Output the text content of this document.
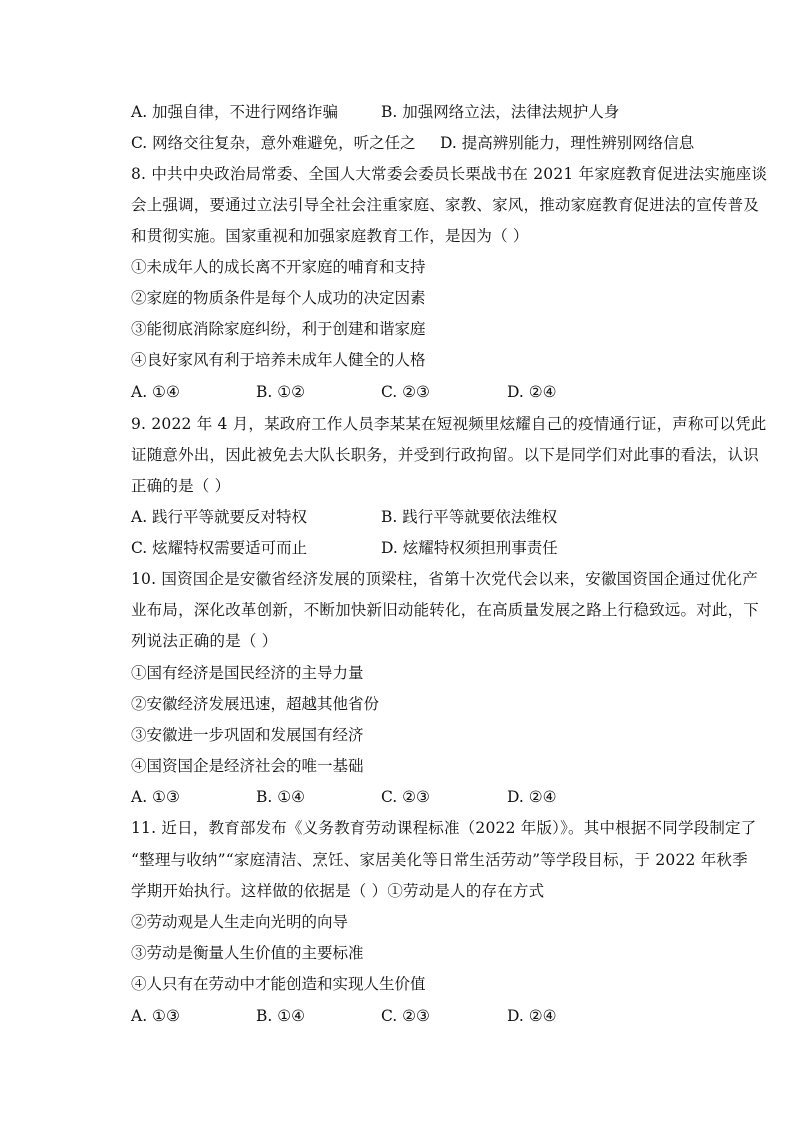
A. 加强自律，不进行网络诈骗	B. 加强网络立法，法律法规护人身
C. 网络交往复杂，意外难避免，听之任之 D. 提高辨别能力，理性辨别网络信息
8. 中共中央政治局常委、全国人大常委会委员长栗战书在 2021 年家庭教育促进法实施座谈
会上强调，要通过立法引导全社会注重家庭、家教、家风，推动家庭教育促进法的宣传普及
和贯彻实施。国家重视和加强家庭教育工作，是因为（ ）
①未成年人的成长离不开家庭的哺育和支持
②家庭的物质条件是每个人成功的决定因素
③能彻底消除家庭纠纷，利于创建和谐家庭
④良好家风有利于培养未成年人健全的人格
A. ①④	B. ①②	C. ②③	D. ②④
9. 2022 年 4 月，某政府工作人员李某某在短视频里炫耀自己的疫情通行证，声称可以凭此
证随意外出，因此被免去大队长职务，并受到行政拘留。以下是同学们对此事的看法，认识
正确的是（ ）
A. 践行平等就要反对特权	B. 践行平等就要依法维权
C. 炫耀特权需要适可而止	D. 炫耀特权须担刑事责任
10. 国资国企是安徽省经济发展的顶梁柱，省第十次党代会以来，安徽国资国企通过优化产
业布局，深化改革创新，不断加快新旧动能转化，在高质量发展之路上行稳致远。对此，下
列说法正确的是（ ）
①国有经济是国民经济的主导力量
②安徽经济发展迅速，超越其他省份
③安徽进一步巩固和发展国有经济
④国资国企是经济社会的唯一基础
A. ①③	B. ①④	C. ②③	D. ②④
11. 近日，教育部发布《义务教育劳动课程标准（2022 年版）》。其中根据不同学段制定了
“整理与收纳”“家庭清洁、烹饪、家居美化等日常生活劳动”等学段目标，于 2022 年秋季
学期开始执行。这样做的依据是（ ）①劳动是人的存在方式
②劳动观是人生走向光明的向导
③劳动是衡量人生价值的主要标准
④人只有在劳动中才能创造和实现人生价值
A. ①③	B. ①④	C. ②③	D. ②④
